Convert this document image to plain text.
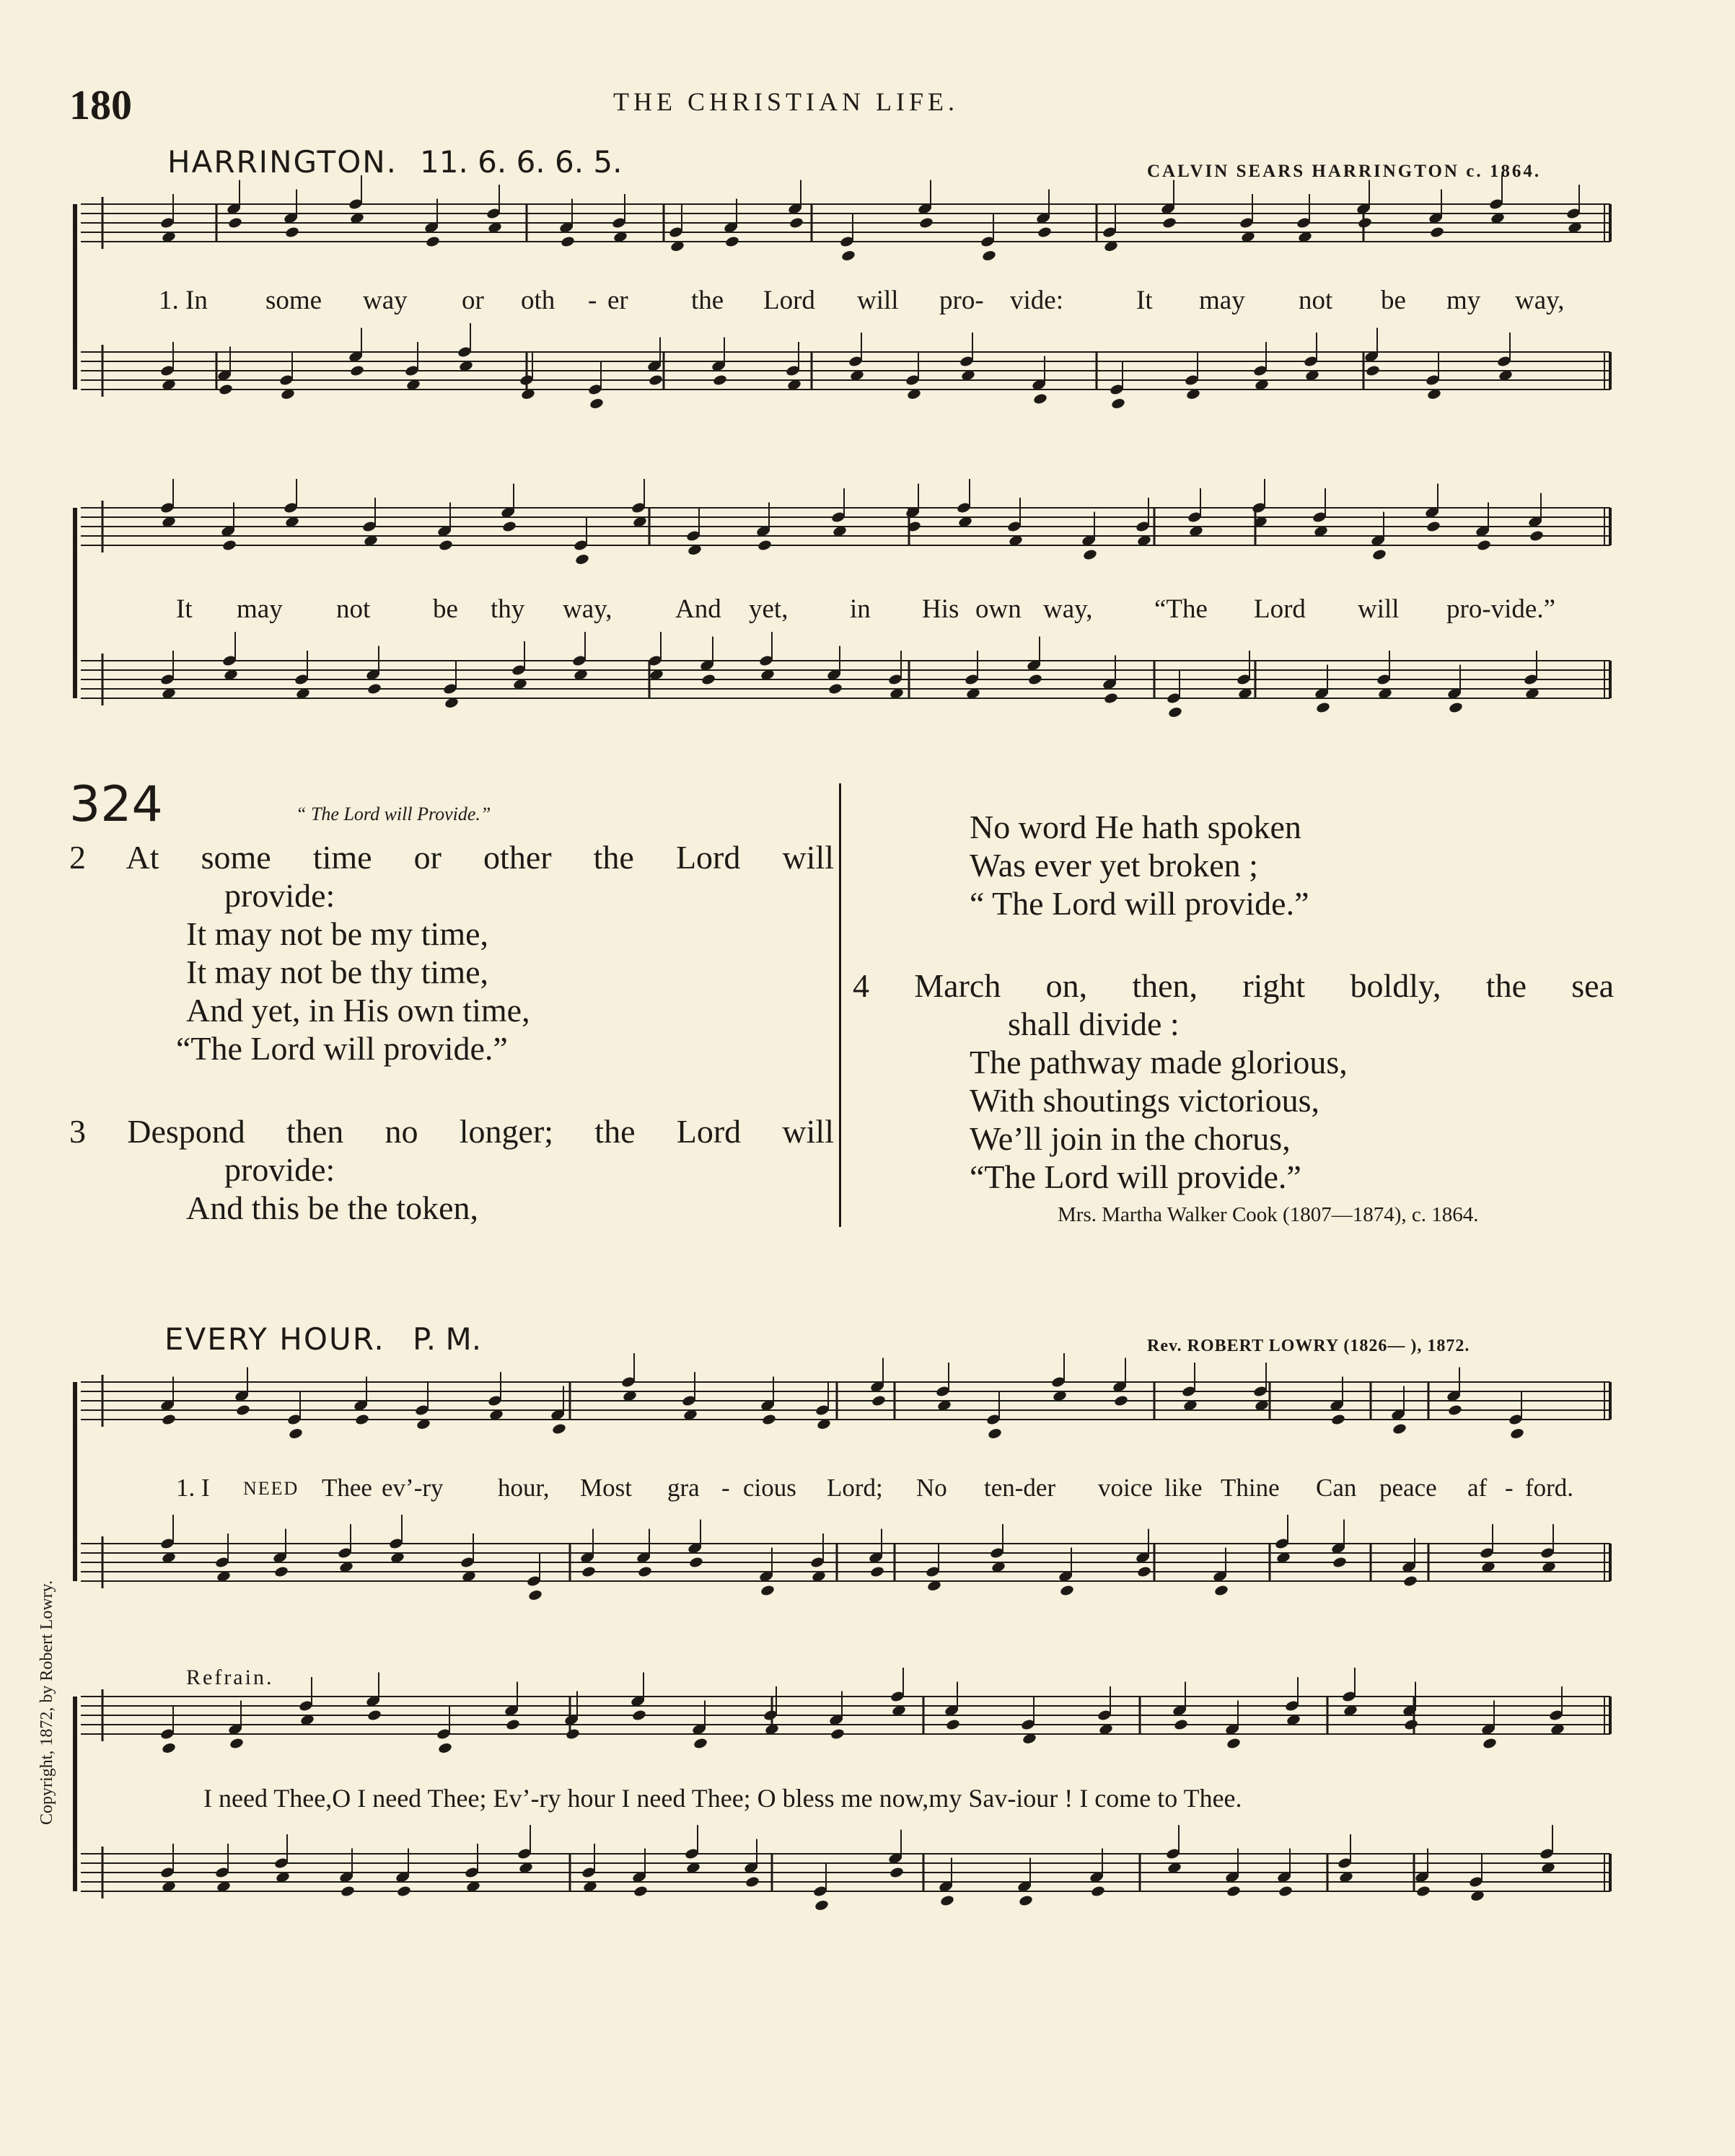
180	THE CHRISTIAN LIFE.
HARRINGTON. 11. 6. 6. 6. 5.	CALVIN SEARS HARRINGTON c. 1864.
1. In some way or oth - er the Lord will pro- vide:	It may not be my way,
It may not be thy way, And yet, in His own way, “The Lord will pro-vide.”
324	“ The Lord will Provide.”
2 At some time or other the Lord will
provide:
It may not be my time,
It may not be thy time,
And yet, in His own time,
“The Lord will provide.”
3 Despond then no longer; the Lord will
provide:
And this be the token,
No word He hath spoken
Was ever yet broken ;
“ The Lord will provide.”
4 March on, then, right boldly, the sea
shall divide :
The pathway made glorious,
With shoutings victorious,
We’ll join in the chorus,
“The Lord will provide.”
Mrs. Martha Walker Cook (1807—1874), c. 1864.
EVERY HOUR. P. M.	Rev. ROBERT LOWRY (1826— ), 1872.
1. I NEED Thee ev’-ry hour, Most gra - cious Lord; No ten-der voice like Thine Can peace af - ford.
Refrain.
I need Thee,O I need Thee; Ev’-ry hour I need Thee; O bless me now,my Sav-iour ! I come to Thee.
Copyright, 1872, by Robert Lowry.
